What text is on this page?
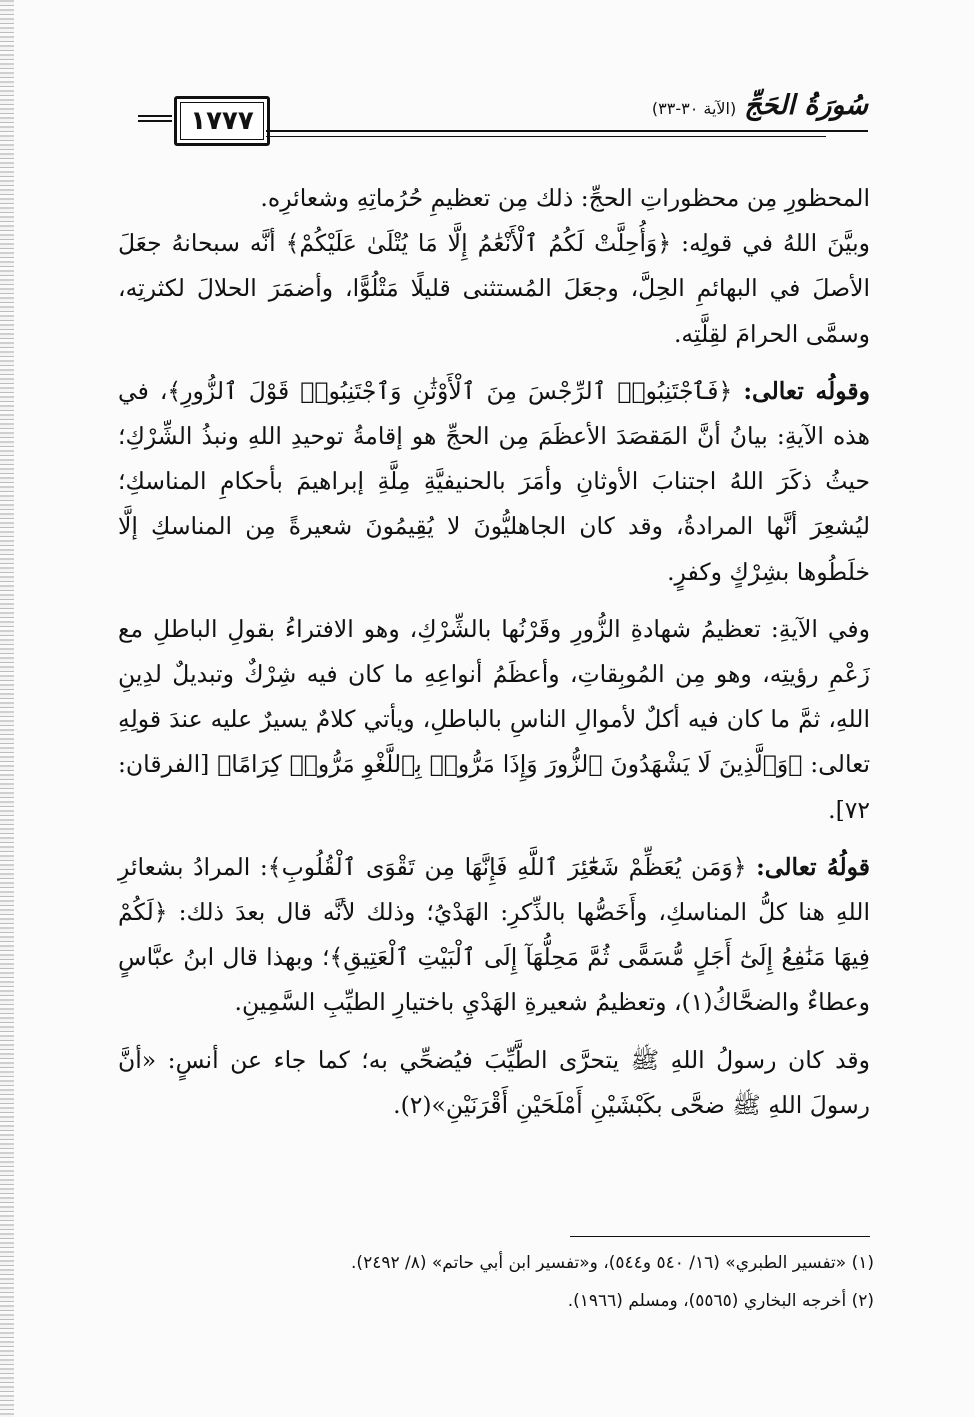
١٧٧٧	سُورَةُ الحَجِّ
(الآية ٣٠-٣٣)

المحظورِ مِن محظوراتِ الحجِّ: ذلك مِن تعظيمِ حُرُماتِهِ وشعائرِه.

وبيَّنَ اللهُ في قولِه: ﴿وَأُحِلَّتْ لَكُمُ ٱلْأَنْعَٰمُ إِلَّا مَا يُتْلَىٰ عَلَيْكُمْ﴾ أنَّه سبحانهُ جعَلَ الأصلَ في البهائمِ الحِلَّ، وجعَلَ المُستثنى قليلًا مَتْلُوًّا، وأضمَرَ الحلالَ لكثرتِه، وسمَّى الحرامَ لقِلَّتِه.

وقولُه تعالى: ﴿فَٱجْتَنِبُوا۟ ٱلرِّجْسَ مِنَ ٱلْأَوْثَٰنِ وَٱجْتَنِبُوا۟ قَوْلَ ٱلزُّورِ﴾، في هذه الآيةِ: بيانُ أنَّ المَقصَدَ الأعظَمَ مِن الحجِّ هو إقامةُ توحيدِ اللهِ ونبذُ الشِّرْكِ؛ حيثُ ذكَرَ اللهُ اجتنابَ الأوثانِ وأمَرَ بالحنيفيَّةِ مِلَّةِ إبراهيمَ بأحكامِ المناسكِ؛ ليُشعِرَ أنَّها المرادةُ، وقد كان الجاهليُّونَ لا يُقِيمُونَ شعيرةً مِن المناسكِ إلَّا خلَطُوها بشِرْكٍ وكفرٍ.

وفي الآيةِ: تعظيمُ شهادةِ الزُّورِ وقَرْنُها بالشِّرْكِ، وهو الافتراءُ بقولِ الباطلِ مع زَعْمِ رؤيتِه، وهو مِن المُوبِقاتِ، وأعظَمُ أنواعِهِ ما كان فيه شِرْكٌ وتبديلٌ لدِينِ اللهِ، ثمَّ ما كان فيه أكلٌ لأموالِ الناسِ بالباطلِ، ويأتي كلامٌ يسيرٌ عليه عندَ قولِهِ تعالى: ﴿وَٱلَّذِينَ لَا يَشْهَدُونَ ٱلزُّورَ وَإِذَا مَرُّوا۟ بِٱللَّغْوِ مَرُّوا۟ كِرَامًا﴾ [الفرقان: ٧٢].

قولُهُ تعالى: ﴿وَمَن يُعَظِّمْ شَعَٰٓئِرَ ٱللَّهِ فَإِنَّهَا مِن تَقْوَى ٱلْقُلُوبِ﴾: المرادُ بشعائرِ اللهِ هنا كلُّ المناسكِ، وأَخَصُّها بالذِّكرِ: الهَدْيُ؛ وذلك لأنَّه قال بعدَ ذلك: ﴿لَكُمْ فِيهَا مَنَٰفِعُ إِلَىٰٓ أَجَلٍ مُّسَمًّى ثُمَّ مَحِلُّهَآ إِلَى ٱلْبَيْتِ ٱلْعَتِيقِ﴾؛ وبهذا قال ابنُ عبَّاسٍ وعطاءٌ والضحَّاكُ(١)، وتعظيمُ شعيرةِ الهَدْيِ باختيارِ الطيِّبِ السَّمِينِ.

وقد كان رسولُ اللهِ ﷺ يتحرَّى الطَّيِّبَ فيُضحِّي به؛ كما جاء عن أنسٍ: «أنَّ رسولَ اللهِ ﷺ ضحَّى بكَبْشَيْنِ أَمْلَحَيْنِ أَقْرَنَيْنِ»(٢).

(١) «تفسير الطبري» (١٦/ ٥٤٠ و٥٤٤)، و«تفسير ابن أبي حاتم» (٨/ ٢٤٩٢).

(٢) أخرجه البخاري (٥٥٦٥)، ومسلم (١٩٦٦).
